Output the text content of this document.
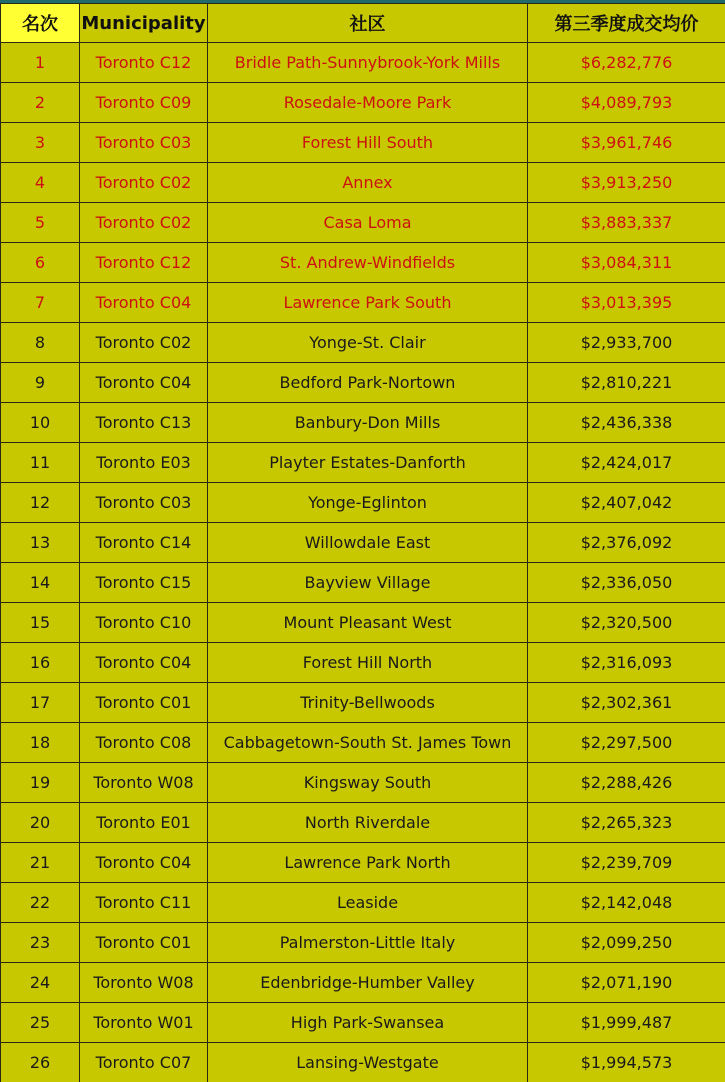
名次	Municipality	社区	第三季度成交均价
1	Toronto C12	Bridle Path-Sunnybrook-York Mills	$6,282,776
2	Toronto C09	Rosedale-Moore Park	$4,089,793
3	Toronto C03	Forest Hill South	$3,961,746
4	Toronto C02	Annex	$3,913,250
5	Toronto C02	Casa Loma	$3,883,337
6	Toronto C12	St. Andrew-Windfields	$3,084,311
7	Toronto C04	Lawrence Park South	$3,013,395
8	Toronto C02	Yonge-St. Clair	$2,933,700
9	Toronto C04	Bedford Park-Nortown	$2,810,221
10	Toronto C13	Banbury-Don Mills	$2,436,338
11	Toronto E03	Playter Estates-Danforth	$2,424,017
12	Toronto C03	Yonge-Eglinton	$2,407,042
13	Toronto C14	Willowdale East	$2,376,092
14	Toronto C15	Bayview Village	$2,336,050
15	Toronto C10	Mount Pleasant West	$2,320,500
16	Toronto C04	Forest Hill North	$2,316,093
17	Toronto C01	Trinity-Bellwoods	$2,302,361
18	Toronto C08	Cabbagetown-South St. James Town	$2,297,500
19	Toronto W08	Kingsway South	$2,288,426
20	Toronto E01	North Riverdale	$2,265,323
21	Toronto C04	Lawrence Park North	$2,239,709
22	Toronto C11	Leaside	$2,142,048
23	Toronto C01	Palmerston-Little Italy	$2,099,250
24	Toronto W08	Edenbridge-Humber Valley	$2,071,190
25	Toronto W01	High Park-Swansea	$1,999,487
26	Toronto C07	Lansing-Westgate	$1,994,573
